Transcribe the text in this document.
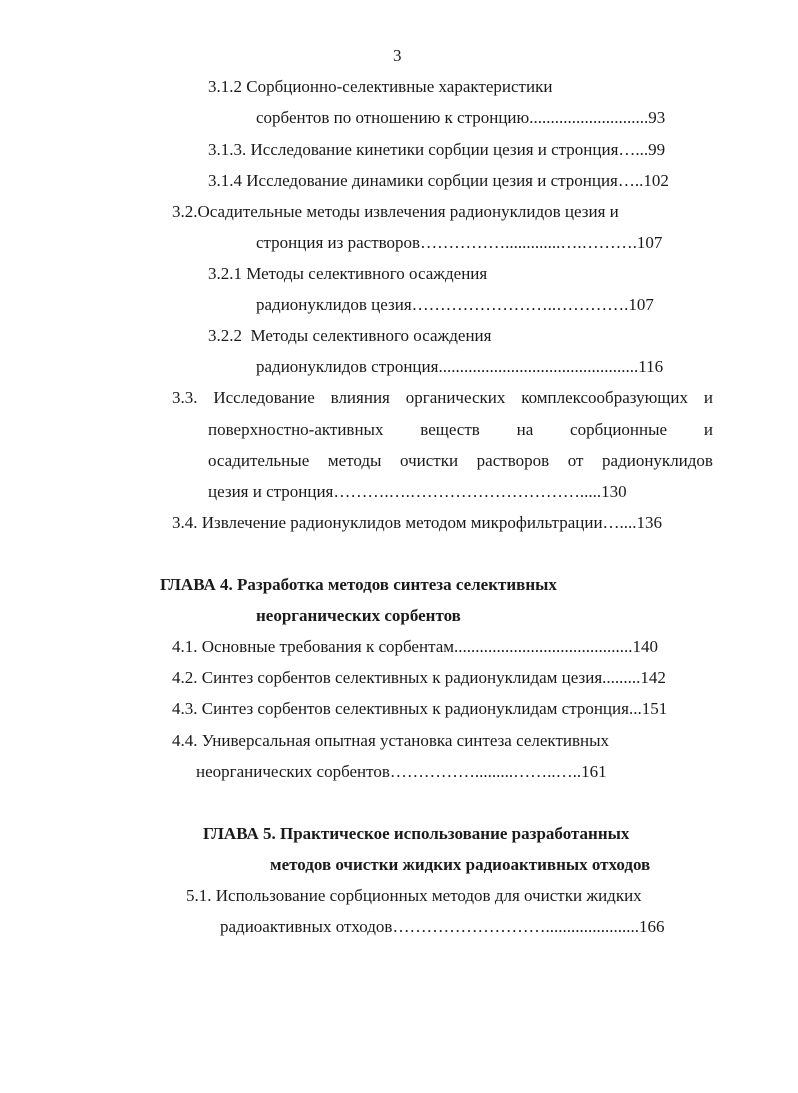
3
3.1.2 Сорбционно-селективные характеристики
сорбентов по отношению к стронцию............................93
3.1.3. Исследование кинетики сорбции цезия и стронция…...99
3.1.4 Исследование динамики сорбции цезия и стронция…..102
3.2.Осадительные методы извлечения радионуклидов цезия и
стронция из растворов…………….............….……….107
3.2.1 Методы селективного осаждения
радионуклидов цезия……………………..………….107
3.2.2  Методы селективного осаждения
радионуклидов стронция...............................................116
3.3. Исследование влияния органических комплексообразующих и
поверхностно-активных веществ на сорбционные и
осадительные методы очистки растворов от радионуклидов
цезия и стронция……….….………………………….....130
3.4. Извлечение радионуклидов методом микрофильтрации…....136
ГЛАВА 4. Разработка методов синтеза селективных
неорганических сорбентов
4.1. Основные требования к сорбентам..........................................140
4.2. Синтез сорбентов селективных к радионуклидам цезия.........142
4.3. Синтез сорбентов селективных к радионуклидам стронция...151
4.4. Универсальная опытная установка синтеза селективных
неорганических сорбентов…………….........……..…..161
ГЛАВА 5. Практическое использование разработанных
методов очистки жидких радиоактивных отходов
5.1. Использование сорбционных методов для очистки жидких
радиоактивных отходов………………………......................166
